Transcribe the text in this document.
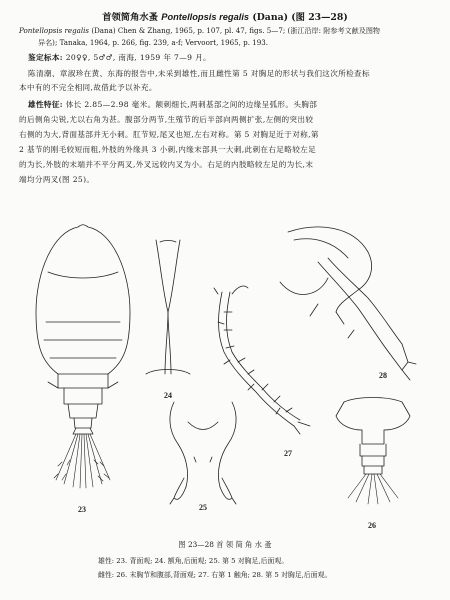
首领简角水蚤 Pontellopsis regalis (Dana) (图 23—28)
Pontellopsis regalis (Dana) Chen & Zhang, 1965, p. 107, pl. 47, figs. 5—7; (浙江沿岸: 附参考文献及图物
异名); Tanaka, 1964, p. 266, fig. 239, a-f; Vervoort, 1965, p. 193.
鉴定标本: 20♀♀, 5♂♂, 南海, 1959 年 7—9 月。
陈清潮、章淑珍在黄、东海的报告中,未采到雄性,而且雌性第 5 对胸足的形状与我们这次所检查标
本中有的不完全相同,故借此予以补充。
雄性特征: 体长 2.85—2.98 毫米。额刺细长,两刺基部之间的边缘呈弧形。头胸部
的后侧角尖锐,尤以右角为甚。腹部分两节,生殖节的后半部向两侧扩张,左侧的突出较
右侧的为大,背面基部并无小刺。肛节短,尾叉也短,左右对称。第 5 对胸足近于对称,第
2 基节的刚毛较短而粗,外肢的外缘具 3 小刺,内缘末部具一大刺,此刺在右足略较左足
的为长,外肢的末端并不平分两叉,外叉远较内叉为小。右足的内肢略较左足的为长,末
端均分两叉(图 25)。
23
24
25
27
28
26
图 23—28 首 领 简 角 水 蚤
雄性: 23. 背面观; 24. 额角,后面观; 25. 第 5 对胸足,后面观。
雌性: 26. 末胸节和腹部,背面观; 27. 右第 1 触角; 28. 第 5 对胸足,后面观。
